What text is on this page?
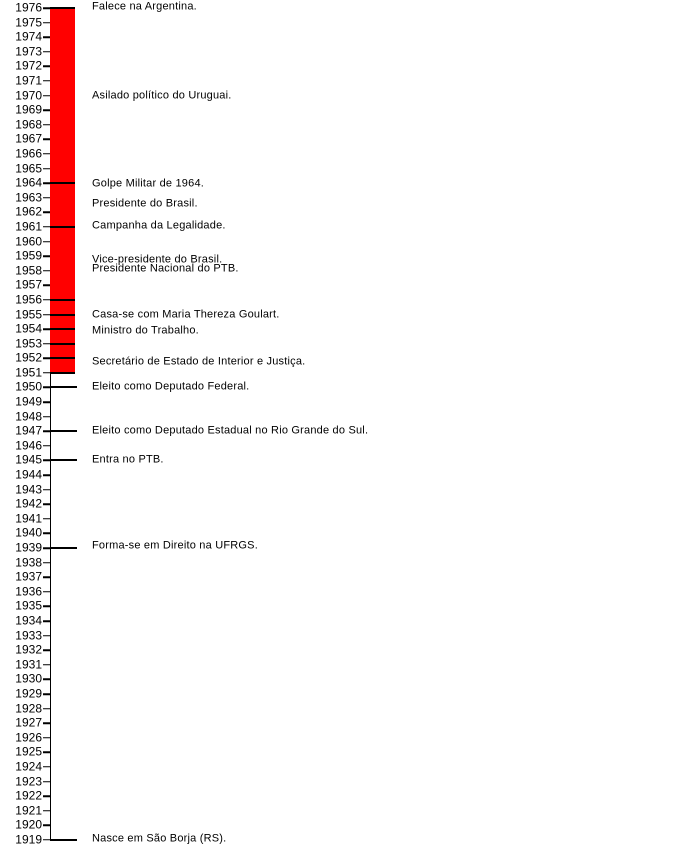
1976
1975
1974
1973
1972
1971
1970
1969
1968
1967
1966
1965
1964
1963
1962
1961
1960
1959
1958
1957
1956
1955
1954
1953
1952
1951
1950
1949
1948
1947
1946
1945
1944
1943
1942
1941
1940
1939
1938
1937
1936
1935
1934
1933
1932
1931
1930
1929
1928
1927
1926
1925
1924
1923
1922
1921
1920
1919
Falece na Argentina.
Asilado político do Uruguai.
Golpe Militar de 1964.
Presidente do Brasil.
Campanha da Legalidade.
Vice-presidente do Brasil.
Presidente Nacional do PTB.
Casa-se com Maria Thereza Goulart.
Ministro do Trabalho.
Secretário de Estado de Interior e Justiça.
Eleito como Deputado Federal.
Eleito como Deputado Estadual no Rio Grande do Sul.
Entra no PTB.
Forma-se em Direito na UFRGS.
Nasce em São Borja (RS).
